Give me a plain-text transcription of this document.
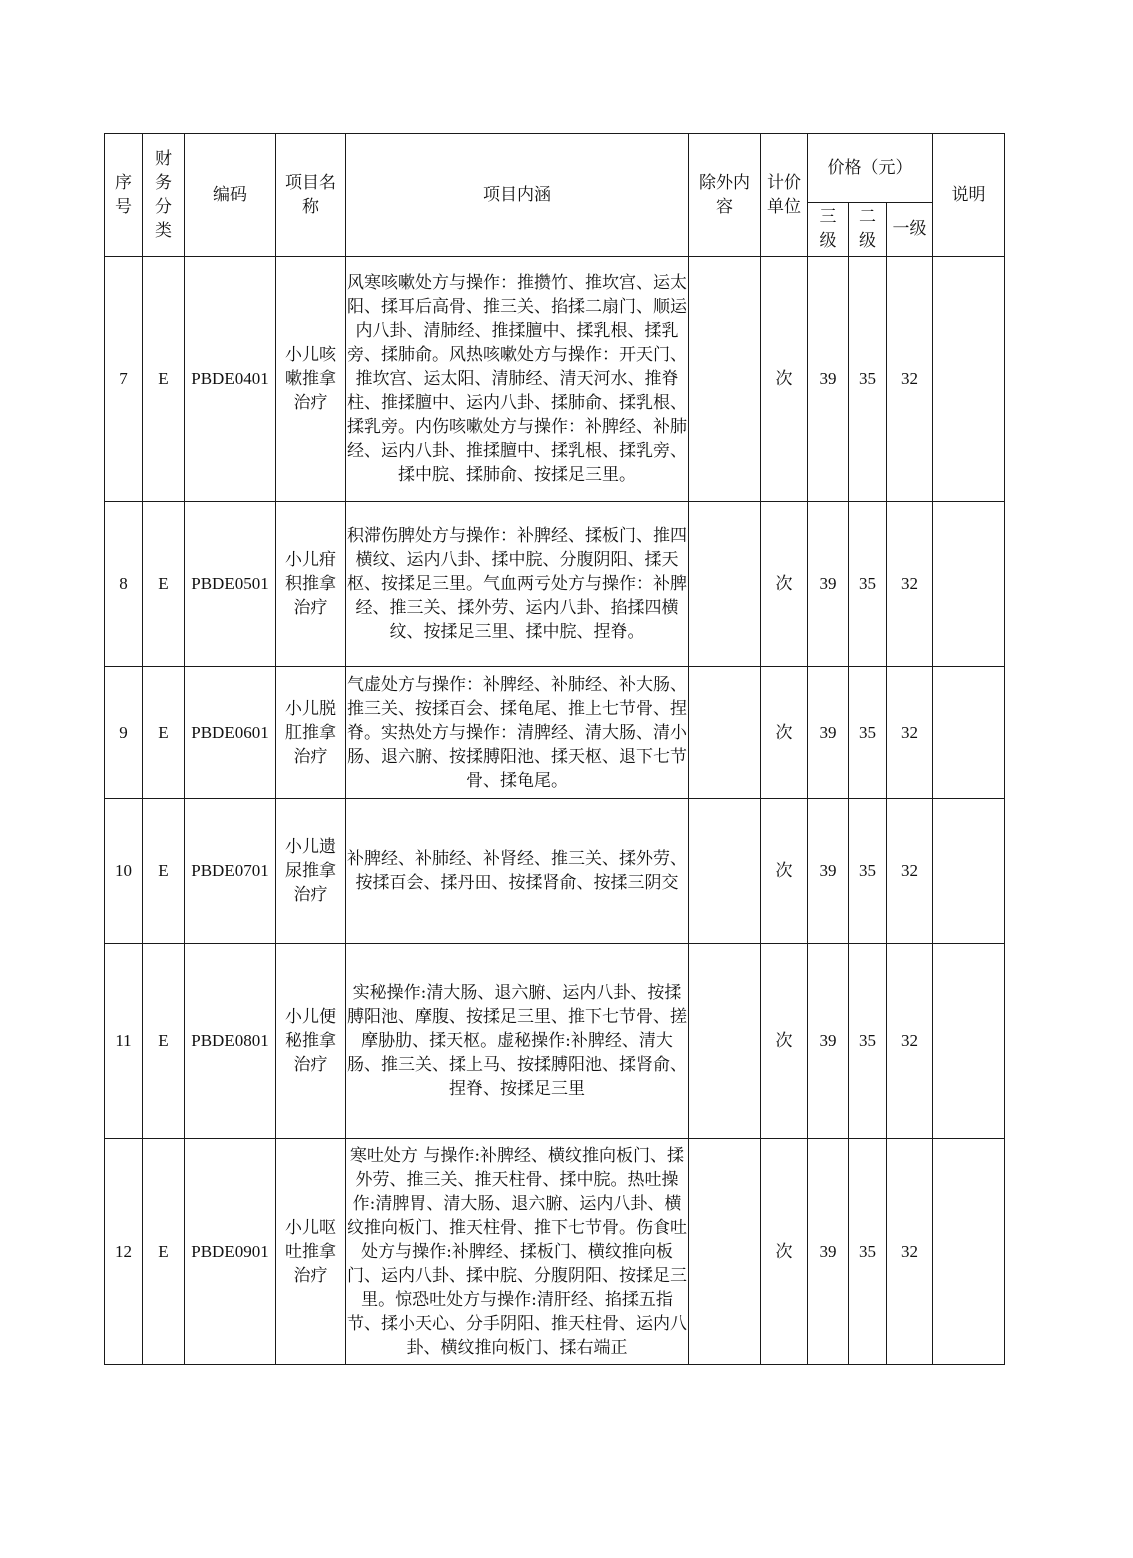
序号	财务分类	编码	项目名称	项目内涵	除外内容	计价单位	价格（元）			说明
							三级	二级	一级	
7	E	PBDE0401	小儿咳嗽推拿治疗	风寒咳嗽处方与操作：推攒竹、推坎宫、运太阳、揉耳后高骨、推三关、掐揉二扇门、顺运内八卦、清肺经、推揉膻中、揉乳根、揉乳旁、揉肺俞。风热咳嗽处方与操作：开天门、推坎宫、运太阳、清肺经、清天河水、推脊柱、推揉膻中、运内八卦、揉肺俞、揉乳根、揉乳旁。内伤咳嗽处方与操作：补脾经、补肺经、运内八卦、推揉膻中、揉乳根、揉乳旁、揉中脘、揉肺俞、按揉足三里。		次	39	35	32	
8	E	PBDE0501	小儿疳积推拿治疗	积滞伤脾处方与操作：补脾经、揉板门、推四横纹、运内八卦、揉中脘、分腹阴阳、揉天枢、按揉足三里。气血两亏处方与操作：补脾经、推三关、揉外劳、运内八卦、掐揉四横纹、按揉足三里、揉中脘、捏脊。		次	39	35	32	
9	E	PBDE0601	小儿脱肛推拿治疗	气虚处方与操作：补脾经、补肺经、补大肠、推三关、按揉百会、揉龟尾、推上七节骨、捏脊。实热处方与操作：清脾经、清大肠、清小肠、退六腑、按揉膊阳池、揉天枢、退下七节骨、揉龟尾。		次	39	35	32	
10	E	PBDE0701	小儿遗尿推拿治疗	补脾经、补肺经、补肾经、推三关、揉外劳、按揉百会、揉丹田、按揉肾俞、按揉三阴交		次	39	35	32	
11	E	PBDE0801	小儿便秘推拿治疗	实秘操作:清大肠、退六腑、运内八卦、按揉膊阳池、摩腹、按揉足三里、推下七节骨、搓摩胁肋、揉天枢。虚秘操作:补脾经、清大肠、推三关、揉上马、按揉膊阳池、揉肾俞、捏脊、按揉足三里		次	39	35	32	
12	E	PBDE0901	小儿呕吐推拿治疗	寒吐处方 与操作:补脾经、横纹推向板门、揉外劳、推三关、推天柱骨、揉中脘。热吐操作:清脾胃、清大肠、退六腑、运内八卦、横纹推向板门、推天柱骨、推下七节骨。伤食吐处方与操作:补脾经、揉板门、横纹推向板门、运内八卦、揉中脘、分腹阴阳、按揉足三里。惊恐吐处方与操作:清肝经、掐揉五指节、揉小天心、分手阴阳、推天柱骨、运内八卦、横纹推向板门、揉右端正		次	39	35	32	
